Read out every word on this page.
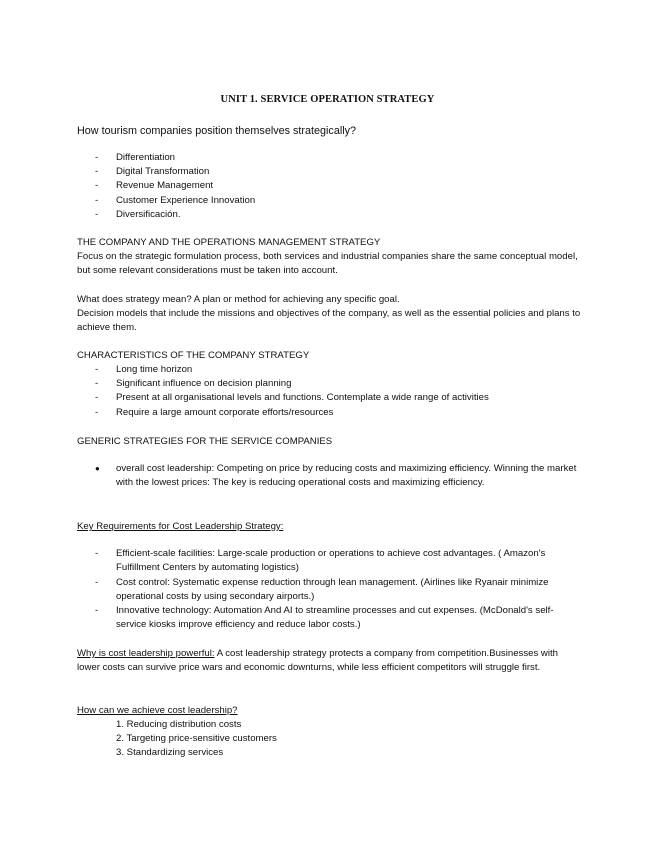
UNIT 1. SERVICE OPERATION STRATEGY
How tourism companies position themselves strategically?
- Differentiation
- Digital Transformation
- Revenue Management
- Customer Experience Innovation
- Diversificación.
THE COMPANY AND THE OPERATIONS MANAGEMENT STRATEGY
Focus on the strategic formulation process, both services and industrial companies share the same conceptual model, but some relevant considerations must be taken into account.
What does strategy mean? A plan or method for achieving any specific goal.
Decision models that include the missions and objectives of the company, as well as the essential policies and plans to achieve them.
CHARACTERISTICS OF THE COMPANY STRATEGY
- Long time horizon
- Significant influence on decision planning
- Present at all organisational levels and functions. Contemplate a wide range of activities
- Require a large amount corporate efforts/resources
GENERIC STRATEGIES FOR THE SERVICE COMPANIES
● overall cost leadership: Competing on price by reducing costs and maximizing efficiency. Winning the market with the lowest prices: The key is reducing operational costs and maximizing efficiency.
Key Requirements for Cost Leadership Strategy:
- Efficient-scale facilities: Large-scale production or operations to achieve cost advantages. ( Amazon's Fulfillment Centers by automating logistics)
- Cost control: Systematic expense reduction through lean management. (Airlines like Ryanair minimize operational costs by using secondary airports.)
- Innovative technology: Automation And AI to streamline processes and cut expenses. (McDonald's self-service kiosks improve efficiency and reduce labor costs.)
Why is cost leadership powerful: A cost leadership strategy protects a company from competition.Businesses with lower costs can survive price wars and economic downturns, while less efficient competitors will struggle first.
How can we achieve cost leadership?
1. Reducing distribution costs
2. Targeting price-sensitive customers
3. Standardizing services
